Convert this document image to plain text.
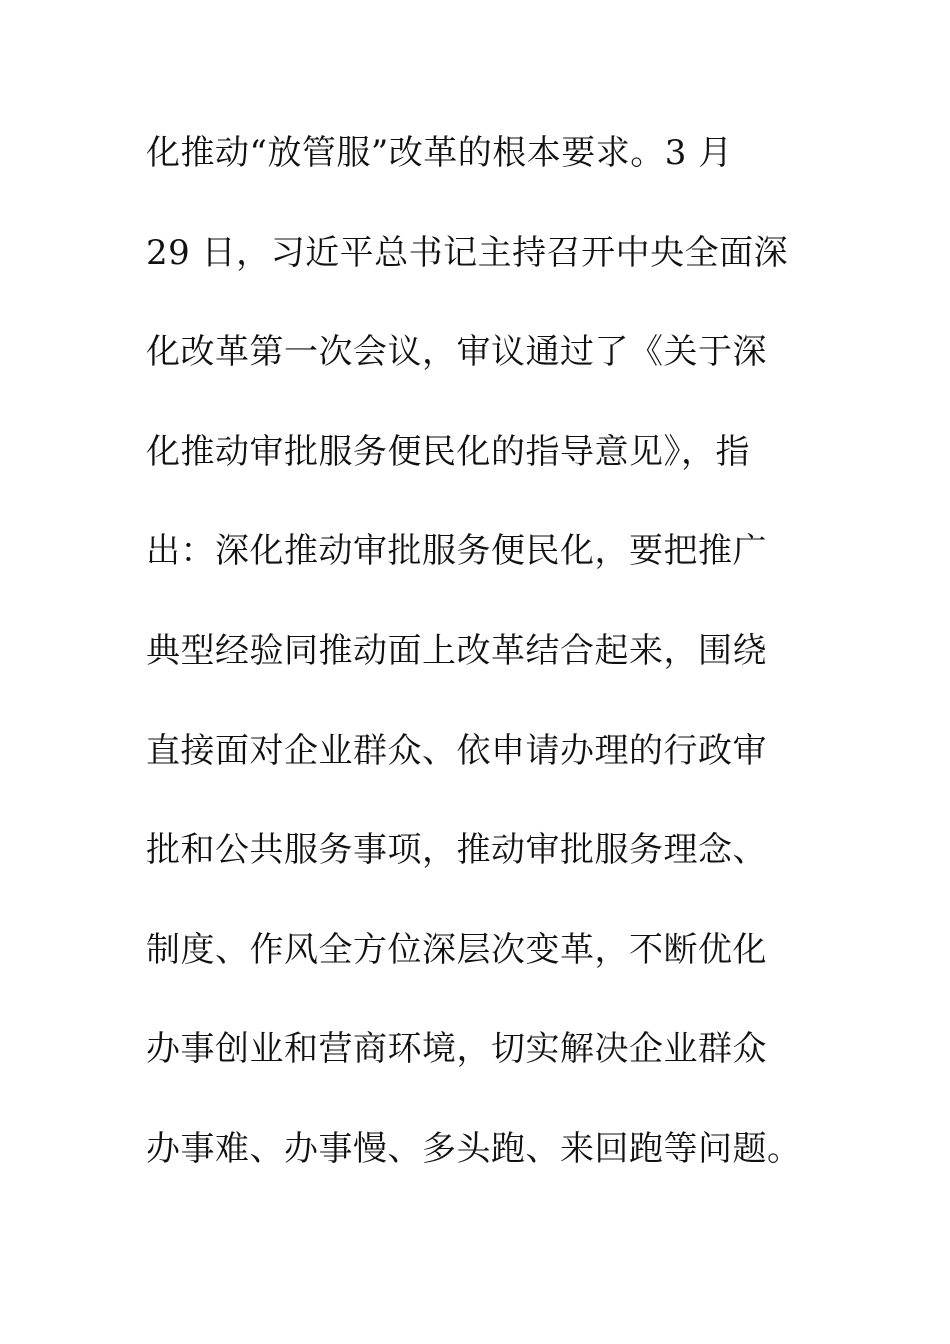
化推动“放管服”改革的根本要求。3 月
29 日，习近平总书记主持召开中央全面深
化改革第一次会议，审议通过了《关于深
化推动审批服务便民化的指导意见》，指
出：深化推动审批服务便民化，要把推广
典型经验同推动面上改革结合起来，围绕
直接面对企业群众、依申请办理的行政审
批和公共服务事项，推动审批服务理念、
制度、作风全方位深层次变革，不断优化
办事创业和营商环境，切实解决企业群众
办事难、办事慢、多头跑、来回跑等问题。
